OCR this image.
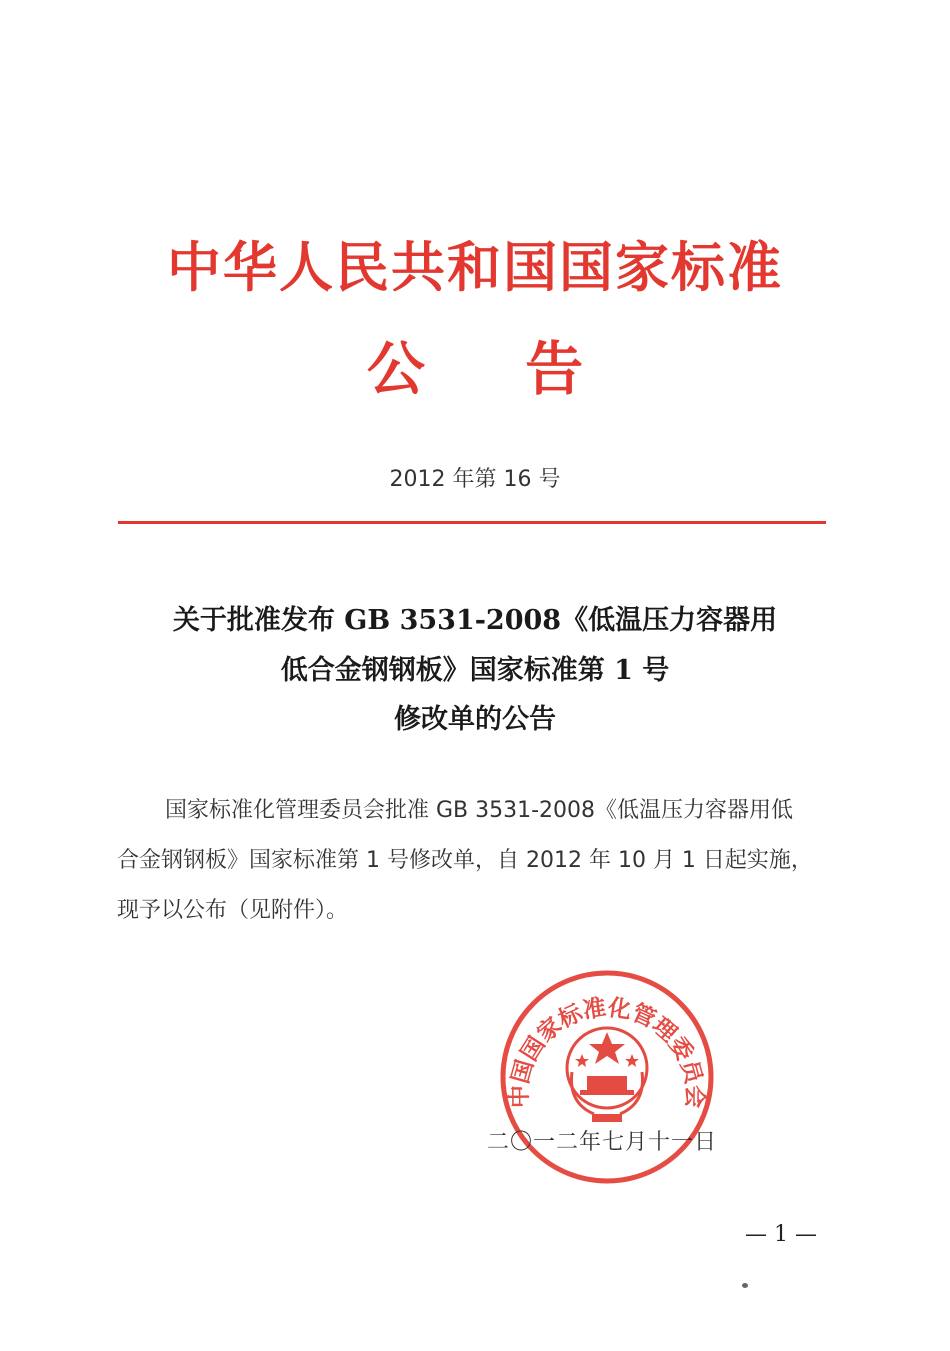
中华人民共和国国家标准
公 告
2012 年第 16 号
关于批准发布 GB 3531-2008《低温压力容器用
低合金钢钢板》国家标准第 1 号
修改单的公告
国家标准化管理委员会批准 GB 3531-2008《低温压力容器用低
合金钢钢板》国家标准第 1 号修改单，自 2012 年 10 月 1 日起实施，
现予以公布（见附件）。
中国国家标准化管理委员会
二〇一二年七月十一日
— 1 —
